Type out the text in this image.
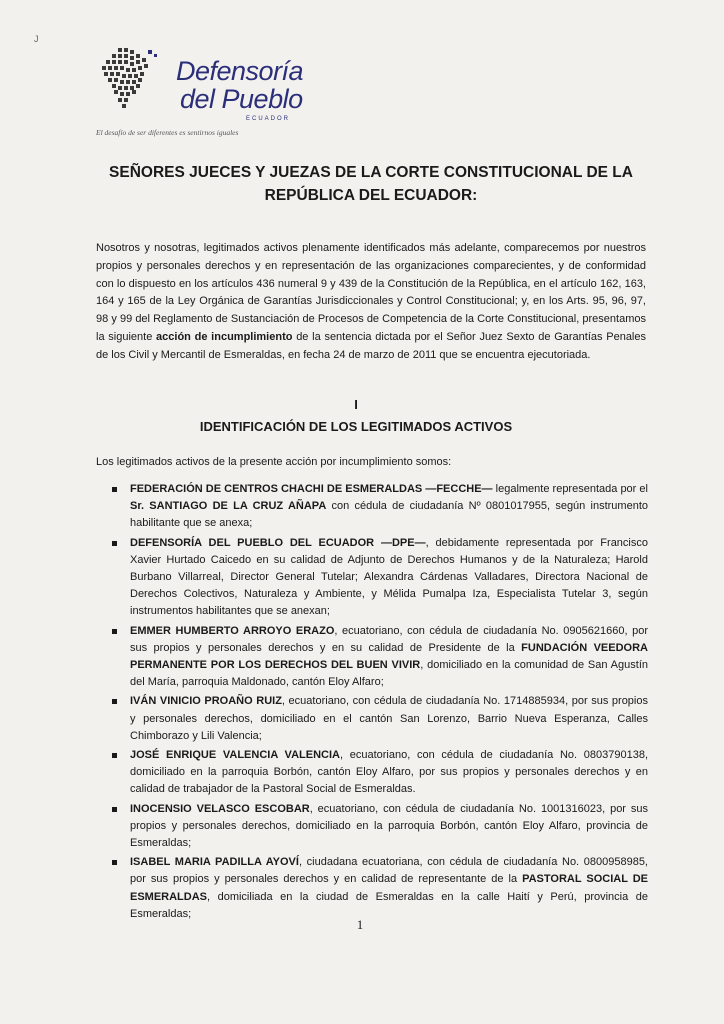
J
Defensoría
del Pueblo
ECUADOR
El desafío de ser diferentes es sentirnos iguales
SEÑORES JUECES Y JUEZAS DE LA CORTE CONSTITUCIONAL DE LA REPÚBLICA DEL ECUADOR:
Nosotros y nosotras, legitimados activos plenamente identificados más adelante, comparecemos por nuestros propios y personales derechos y en representación de las organizaciones comparecientes, y de conformidad con lo dispuesto en los artículos 436 numeral 9 y 439 de la Constitución de la República, en el artículo 162, 163, 164 y 165 de la Ley Orgánica de Garantías Jurisdiccionales y Control Constitucional; y, en los Arts. 95, 96, 97, 98 y 99 del Reglamento de Sustanciación de Procesos de Competencia de la Corte Constitucional, presentamos la siguiente acción de incumplimiento de la sentencia dictada por el Señor Juez Sexto de Garantías Penales de los Civil y Mercantil de Esmeraldas, en fecha 24 de marzo de 2011 que se encuentra ejecutoriada.
I
IDENTIFICACIÓN DE LOS LEGITIMADOS ACTIVOS
Los legitimados activos de la presente acción por incumplimiento somos:
FEDERACIÓN DE CENTROS CHACHI DE ESMERALDAS —FECCHE— legalmente representada por el Sr. SANTIAGO DE LA CRUZ AÑAPA con cédula de ciudadanía Nº 0801017955, según instrumento habilitante que se anexa;
DEFENSORÍA DEL PUEBLO DEL ECUADOR —DPE—, debidamente representada por Francisco Xavier Hurtado Caicedo en su calidad de Adjunto de Derechos Humanos y de la Naturaleza; Harold Burbano Villarreal, Director General Tutelar; Alexandra Cárdenas Valladares, Directora Nacional de Derechos Colectivos, Naturaleza y Ambiente, y Mélida Pumalpa Iza, Especialista Tutelar 3, según instrumentos habilitantes que se anexan;
EMMER HUMBERTO ARROYO ERAZO, ecuatoriano, con cédula de ciudadanía No. 0905621660, por sus propios y personales derechos y en su calidad de Presidente de la FUNDACIÓN VEEDORA PERMANENTE POR LOS DERECHOS DEL BUEN VIVIR, domiciliado en la comunidad de San Agustín del María, parroquia Maldonado, cantón Eloy Alfaro;
IVÁN VINICIO PROAÑO RUIZ, ecuatoriano, con cédula de ciudadanía No. 1714885934, por sus propios y personales derechos, domiciliado en el cantón San Lorenzo, Barrio Nueva Esperanza, Calles Chimborazo y Lili Valencia;
JOSÉ ENRIQUE VALENCIA VALENCIA, ecuatoriano, con cédula de ciudadanía No. 0803790138, domiciliado en la parroquia Borbón, cantón Eloy Alfaro, por sus propios y personales derechos y en calidad de trabajador de la Pastoral Social de Esmeraldas.
INOCENSIO VELASCO ESCOBAR, ecuatoriano, con cédula de ciudadanía No. 1001316023, por sus propios y personales derechos, domiciliado en la parroquia Borbón, cantón Eloy Alfaro, provincia de Esmeraldas;
ISABEL MARIA PADILLA AYOVÍ, ciudadana ecuatoriana, con cédula de ciudadanía No. 0800958985, por sus propios y personales derechos y en calidad de representante de la PASTORAL SOCIAL DE ESMERALDAS, domiciliada en la ciudad de Esmeraldas en la calle Haití y Perú, provincia de Esmeraldas;
1
